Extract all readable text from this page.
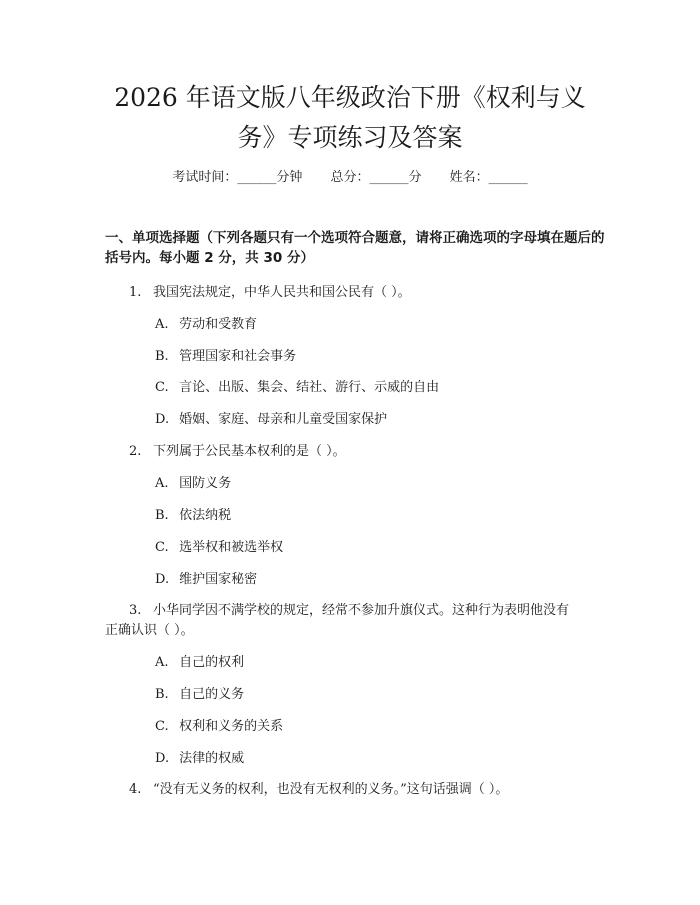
2026 年语文版八年级政治下册《权利与义
务》专项练习及答案
考试时间：______分钟 总分：______分 姓名：______

一、单项选择题（下列各题只有一个选项符合题意，请将正确选项的字母填在题后的括号内。每小题 2 分，共 30 分）

1. 我国宪法规定，中华人民共和国公民有（ ）。
A. 劳动和受教育
B. 管理国家和社会事务
C. 言论、出版、集会、结社、游行、示威的自由
D. 婚姻、家庭、母亲和儿童受国家保护
2. 下列属于公民基本权利的是（ ）。
A. 国防义务
B. 依法纳税
C. 选举权和被选举权
D. 维护国家秘密
3. 小华同学因不满学校的规定，经常不参加升旗仪式。这种行为表明他没有
正确认识（ ）。
A. 自己的权利
B. 自己的义务
C. 权利和义务的关系
D. 法律的权威
4. “没有无义务的权利，也没有无权利的义务。”这句话强调（ ）。
